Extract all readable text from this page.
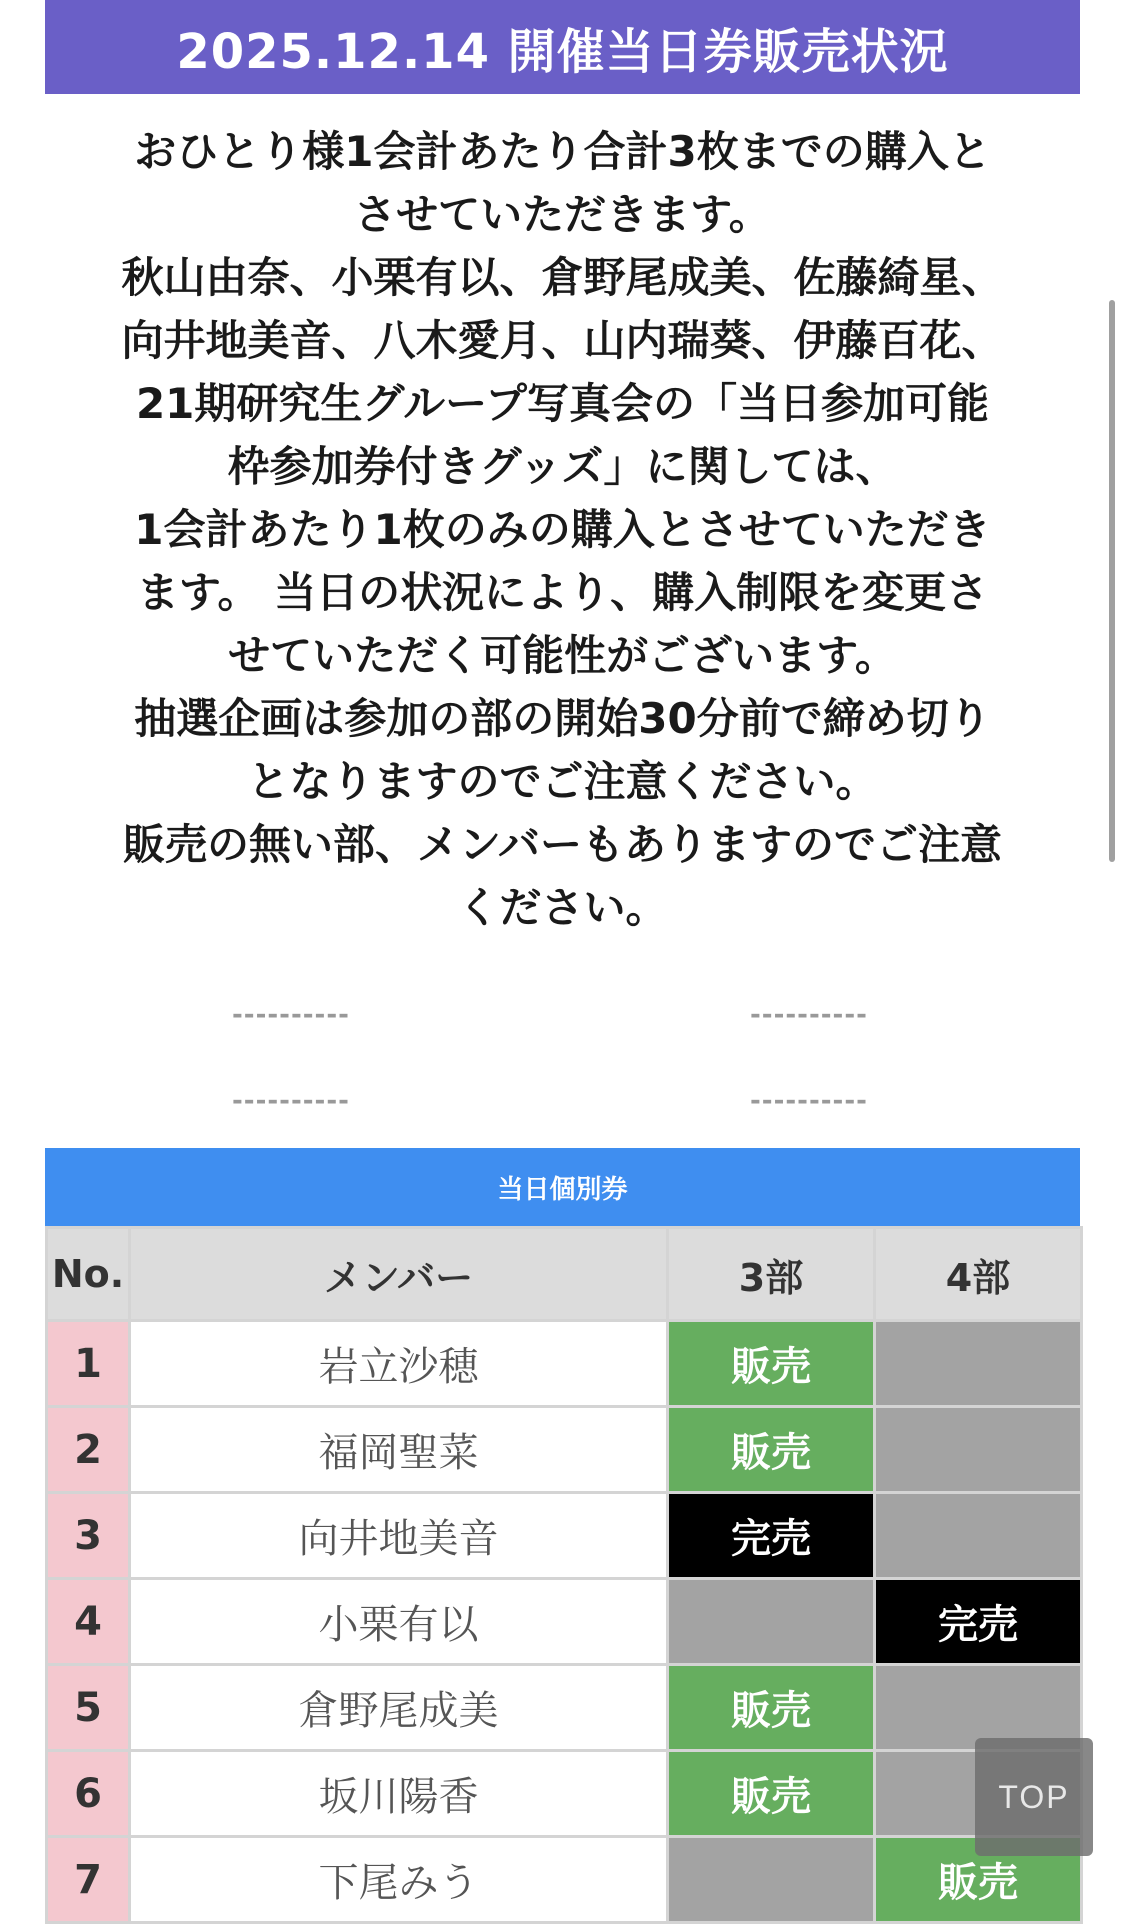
2025.12.14 開催当日券販売状況

おひとり様1会計あたり合計3枚までの購入と

させていただきます。

秋山由奈、小栗有以、倉野尾成美、佐藤綺星、

向井地美音、八木愛月、山内瑞葵、伊藤百花、

21期研究生グループ写真会の「当日参加可能

枠参加券付きグッズ」に関しては、

1会計あたり1枚のみの購入とさせていただき

ます。 当日の状況により、購入制限を変更さ

せていただく可能性がございます。

抽選企画は参加の部の開始30分前で締め切り

となりますのでご注意ください。

販売の無い部、メンバーもありますのでご注意

ください。

----------	----------
----------	----------
当日個別券
No.	メンバー	3部	4部
1	岩立沙穂	販売	
2	福岡聖菜	販売	
3	向井地美音	完売	
4	小栗有以		完売
5	倉野尾成美	販売	
6	坂川陽香	販売	
7	下尾みう		販売
TOP
